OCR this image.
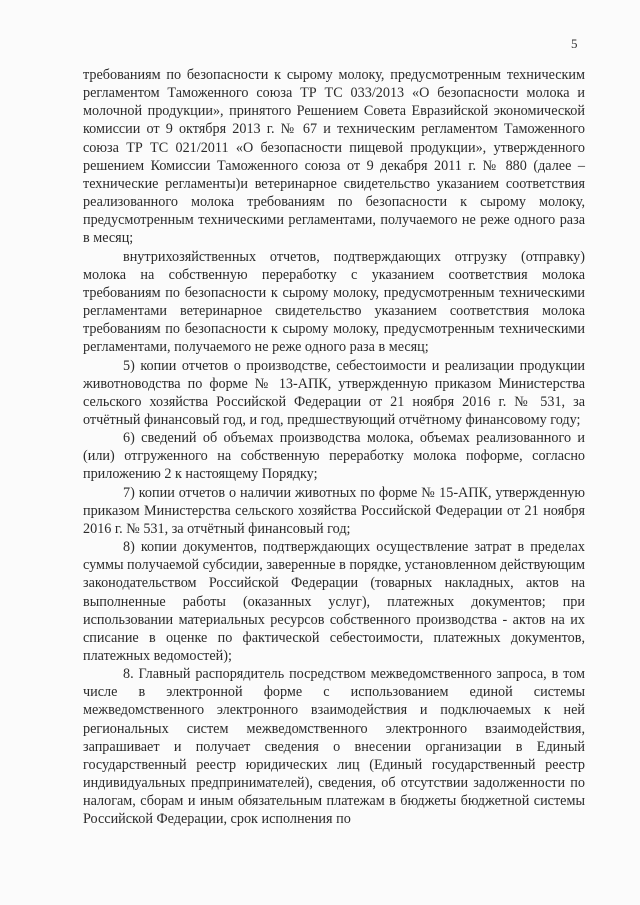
5

требованиям по безопасности к сырому молоку, предусмотренным техническим регламентом Таможенного союза ТР ТС 033/2013 «О безопасности молока и молочной продукции», принятого Решением Совета Евразийской экономической комиссии от 9 октября 2013 г. № 67 и техническим регламентом Таможенного союза ТР ТС 021/2011 «О безопасности пищевой продукции», утвержденного решением Комиссии Таможенного союза от 9 декабря 2011 г. № 880 (далее – технические регламенты)и ветеринарное свидетельство указанием соответствия реализованного молока требованиям по безопасности к сырому молоку, предусмотренным техническими регламентами, получаемого не реже одного раза в месяц;

внутрихозяйственных отчетов, подтверждающих отгрузку (отправку) молока на собственную переработку с указанием соответствия молока требованиям по безопасности к сырому молоку, предусмотренным техническими регламентами ветеринарное свидетельство указанием соответствия молока требованиям по безопасности к сырому молоку, предусмотренным техническими регламентами, получаемого не реже одного раза в месяц;

5) копии отчетов о производстве, себестоимости и реализации продукции животноводства по форме № 13-АПК, утвержденную приказом Министерства сельского хозяйства Российской Федерации от 21 ноября 2016 г. № 531, за отчётный финансовый год, и год, предшествующий отчётному финансовому году;

6) сведений об объемах производства молока, объемах реализованного и (или) отгруженного на собственную переработку молока поформе, согласно приложению 2 к настоящему Порядку;

7) копии отчетов о наличии животных по форме № 15-АПК, утвержденную приказом Министерства сельского хозяйства Российской Федерации от 21 ноября 2016 г. № 531, за отчётный финансовый год;

8) копии документов, подтверждающих осуществление затрат в пределах суммы получаемой субсидии, заверенные в порядке, установленном действующим законодательством Российской Федерации (товарных накладных, актов на выполненные работы (оказанных услуг), платежных документов; при использовании материальных ресурсов собственного производства - актов на их списание в оценке по фактической себестоимости, платежных документов, платежных ведомостей);

8. Главный распорядитель посредством межведомственного запроса, в том числе в электронной форме с использованием единой системы межведомственного электронного взаимодействия и подключаемых к ней региональных систем межведомственного электронного взаимодействия, запрашивает и получает сведения о внесении организации в Единый государственный реестр юридических лиц (Единый государственный реестр индивидуальных предпринимателей), сведения, об отсутствии задолженности по налогам, сборам и иным обязательным платежам в бюджеты бюджетной системы Российской Федерации, срок исполнения по
